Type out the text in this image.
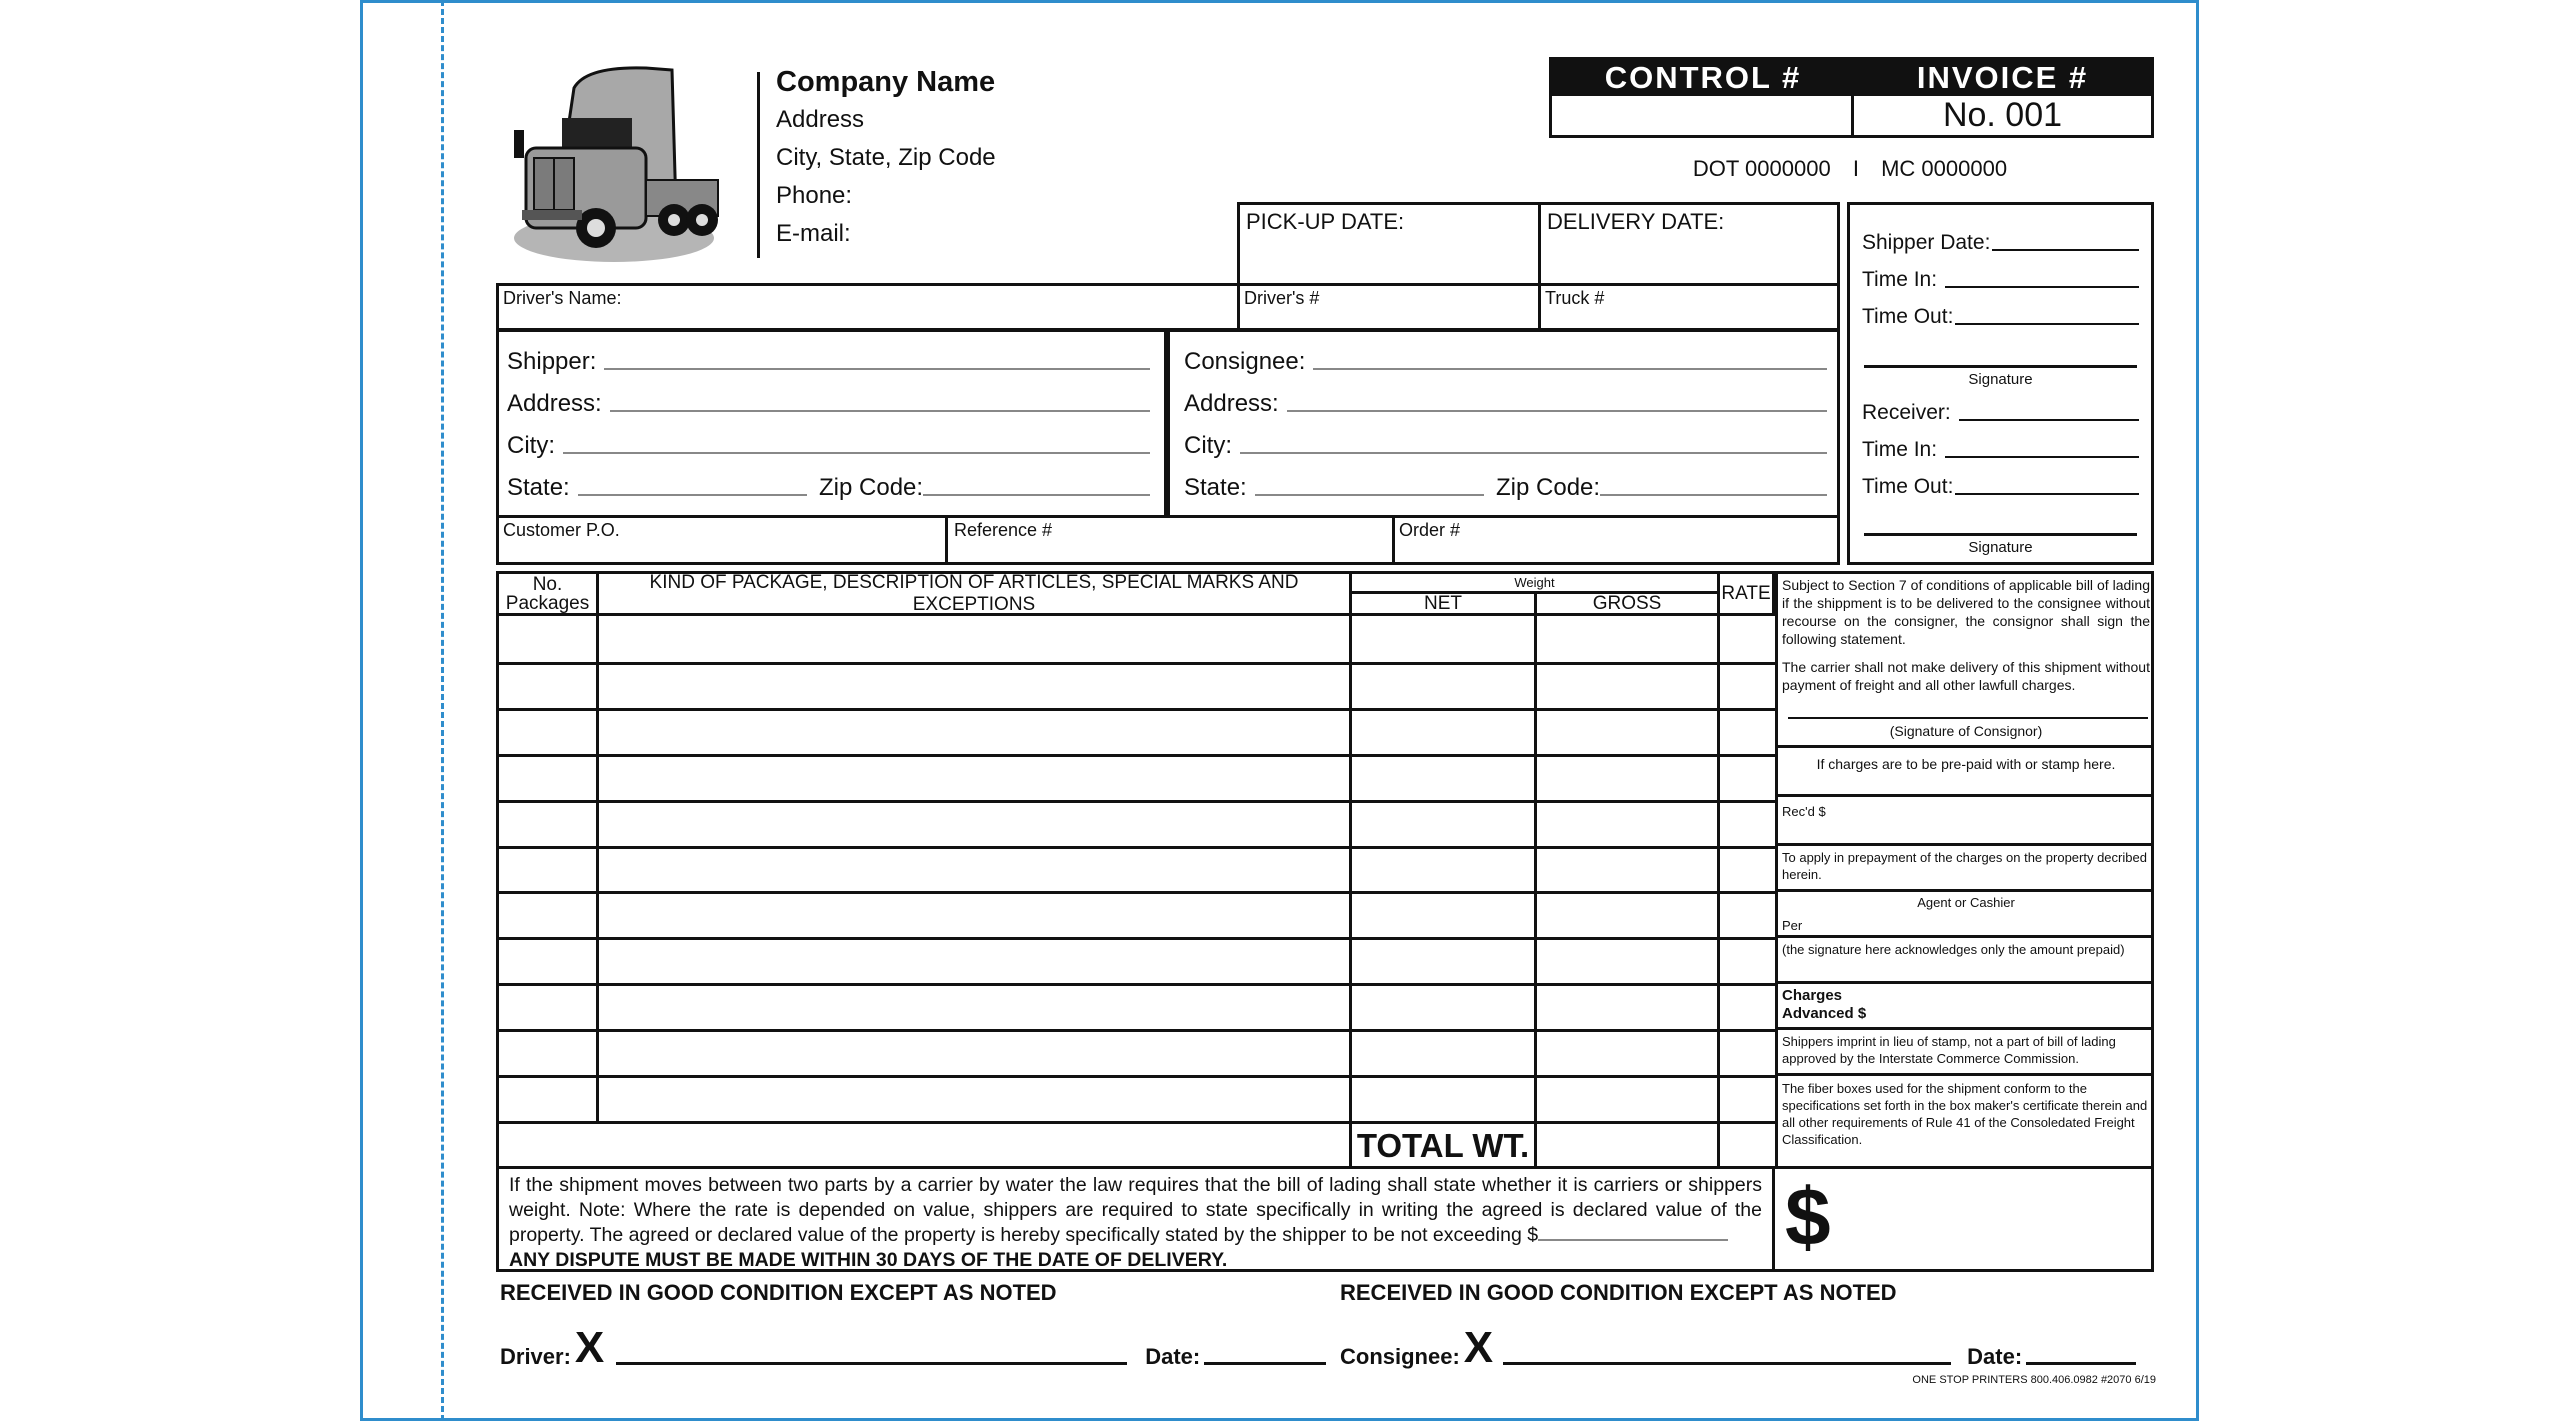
Company Name
Address
City, State, Zip Code
Phone:
E-mail:
CONTROL #	INVOICE #
No. 001
DOT 0000000 I MC 0000000
PICK-UP DATE:	DELIVERY DATE:
Driver's Name:	Driver's #	Truck #
Shipper:
Address:
City:
State:	Zip Code:
Consignee:
Address:
City:
State:	Zip Code:
Customer P.O.	Reference #	Order #
Shipper Date:
Time In:
Time Out:
Signature
Receiver:
Time In:
Time Out:
Signature
No.
Packages
KIND OF PACKAGE, DESCRIPTION OF ARTICLES, SPECIAL MARKS AND EXCEPTIONS
Weight
NET	GROSS	RATE
TOTAL WT.
Subject to Section 7 of conditions of applicable bill of lading if the shippment is to be delivered to the consignee without recourse on the consigner, the consignor shall sign the following statement.
The carrier shall not make delivery of this shipment without payment of freight and all other lawfull charges.
(Signature of Consignor)
If charges are to be pre-paid with or stamp here.
Rec'd $
To apply in prepayment of the charges on the property decribed herein.
Agent or Cashier
Per
(the signature here acknowledges only the amount prepaid)
Charges
Advanced $
Shippers imprint in lieu of stamp, not a part of bill of lading approved by the Interstate Commerce Commission.
The fiber boxes used for the shipment conform to the specifications set forth in the box maker's certificate therein and all other requirements of Rule 41 of the Consoledated Freight Classification.
If the shipment moves between two parts by a carrier by water the law requires that the bill of lading shall state whether it is carriers or shippers weight. Note: Where the rate is depended on value, shippers are required to state specifically in writing the agreed is declared value of the property. The agreed or declared value of the property is hereby specifically stated by the shipper to be not exceeding $
ANY DISPUTE MUST BE MADE WITHIN 30 DAYS OF THE DATE OF DELIVERY.	$
RECEIVED IN GOOD CONDITION EXCEPT AS NOTED	RECEIVED IN GOOD CONDITION EXCEPT AS NOTED
Driver: X	Date:	Consignee: X	Date:
ONE STOP PRINTERS 800.406.0982 #2070 6/19
